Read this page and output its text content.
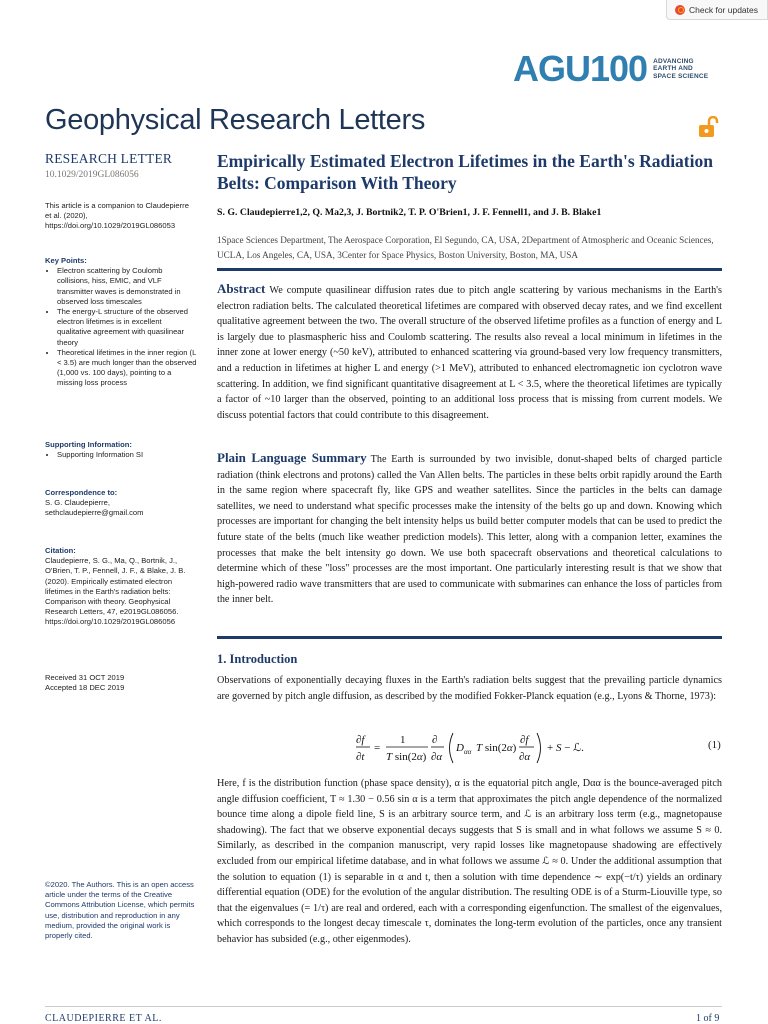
Check for updates
AGU100 ADVANCING
EARTH AND
SPACE SCIENCE
Geophysical Research Letters
RESEARCH LETTER
10.1029/2019GL086056
This article is a companion to Claudepierre et al. (2020), https://doi.org/10.1029/2019GL086053
Key Points:
• Electron scattering by Coulomb collisions, hiss, EMIC, and VLF transmitter waves is demonstrated in observed loss timescales
• The energy-L structure of the observed electron lifetimes is in excellent qualitative agreement with quasilinear theory
• Theoretical lifetimes in the inner region (L < 3.5) are much longer than the observed (1,000 vs. 100 days), pointing to a missing loss process
Supporting Information:
• Supporting Information SI
Correspondence to:
S. G. Claudepierre,
sethclaudepierre@gmail.com
Citation:
Claudepierre, S. G., Ma, Q., Bortnik, J., O'Brien, T. P., Fennell, J. F., & Blake, J. B. (2020). Empirically estimated electron lifetimes in the Earth's radiation belts: Comparison with theory. Geophysical Research Letters, 47, e2019GL086056. https://doi.org/10.1029/2019GL086056
Received 31 OCT 2019
Accepted 18 DEC 2019
©2020. The Authors. This is an open access article under the terms of the Creative Commons Attribution License, which permits use, distribution and reproduction in any medium, provided the original work is properly cited.
Empirically Estimated Electron Lifetimes in the Earth's Radiation Belts: Comparison With Theory
S. G. Claudepierre1,2, Q. Ma2,3, J. Bortnik2, T. P. O'Brien1, J. F. Fennell1, and J. B. Blake1
1Space Sciences Department, The Aerospace Corporation, El Segundo, CA, USA, 2Department of Atmospheric and Oceanic Sciences, UCLA, Los Angeles, CA, USA, 3Center for Space Physics, Boston University, Boston, MA, USA
Abstract We compute quasilinear diffusion rates due to pitch angle scattering by various mechanisms in the Earth's electron radiation belts. The calculated theoretical lifetimes are compared with observed decay rates, and we find excellent qualitative agreement between the two. The overall structure of the observed lifetime profiles as a function of energy and L is largely due to plasmaspheric hiss and Coulomb scattering. The results also reveal a local minimum in lifetimes in the inner zone at lower energy (~50 keV), attributed to enhanced scattering via ground-based very low frequency transmitters, and a reduction in lifetimes at higher L and energy (>1 MeV), attributed to enhanced electromagnetic ion cyclotron wave scattering. In addition, we find significant quantitative disagreement at L < 3.5, where the theoretical lifetimes are typically a factor of ~10 larger than the observed, pointing to an additional loss process that is missing from current models. We discuss potential factors that could contribute to this disagreement.
Plain Language Summary The Earth is surrounded by two invisible, donut-shaped belts of charged particle radiation (think electrons and protons) called the Van Allen belts. The particles in these belts orbit rapidly around the Earth in the same region where spacecraft fly, like GPS and weather satellites. Since the particles in the belts can damage satellites, we need to understand what specific processes make the intensity of the belts go up and down. Knowing which processes are important for changing the belt intensity helps us build better computer models that can be used to predict the future state of the belts (much like weather prediction models). This letter, along with a companion letter, examines the processes that make the belt intensity go down. We use both spacecraft observations and theoretical calculations to determine which of these "loss" processes are the most important. One particularly interesting result is that we show that high-powered radio wave transmitters that are used to communicate with submarines can enhance the loss of particles from the inner belt.
1. Introduction
Observations of exponentially decaying fluxes in the Earth's radiation belts suggest that the prevailing particle dynamics are governed by pitch angle diffusion, as described by the modified Fokker-Planck equation (e.g., Lyons & Thorne, 1973):
∂f
∂t
=
1
T sin(2α)
∂
∂α
$D_{\alpha\alpha}$ T sin(2α)
∂f
∂α
+ S − ℒ.	(1)
Here, f is the distribution function (phase space density), α is the equatorial pitch angle, Dαα is the bounce-averaged pitch angle diffusion coefficient, T ≈ 1.30 − 0.56 sin α is a term that approximates the pitch angle dependence of the normalized bounce time along a dipole field line, S is an arbitrary source term, and ℒ is an arbitrary loss term (e.g., magnetopause shadowing). The fact that we observe exponential decays suggests that S is small and in what follows we assume S ≈ 0. Similarly, as described in the companion manuscript, very rapid losses like magnetopause shadowing are effectively excluded from our empirical lifetime database, and in what follows we assume ℒ ≈ 0. Under the additional assumption that the solution to equation (1) is separable in α and t, then a solution with time dependence ∼ exp(−t/τ) yields an ordinary differential equation (ODE) for the evolution of the angular distribution. The resulting ODE is of a Sturm-Liouville type, so that the eigenvalues (= 1/τ) are real and ordered, each with a corresponding eigenfunction. The smallest of the eigenvalues, which corresponds to the longest decay timescale τ, dominates the long-term evolution of the particles, once any transient behavior has subsided (e.g., other eigenmodes).
CLAUDEPIERRE ET AL.	1 of 9
